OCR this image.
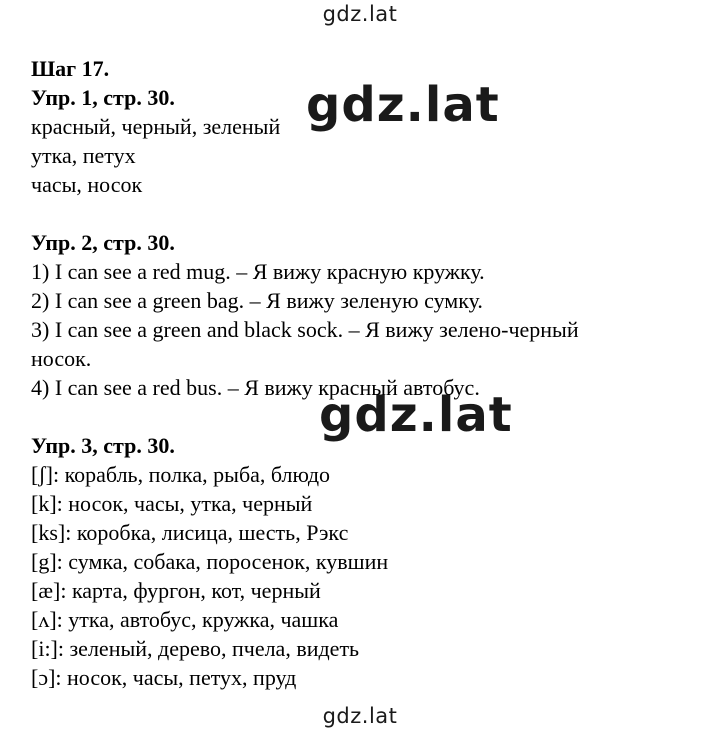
gdz.lat
gdz.lat
gdz.lat
gdz.lat
Шаг 17.
Упр. 1, стр. 30.
красный, черный, зеленый
утка, петух
часы, носок
Упр. 2, стр. 30.
1) I can see a red mug. – Я вижу красную кружку.
2) I can see a green bag. – Я вижу зеленую сумку.
3) I can see a green and black sock. – Я вижу зелено-черный
носок.
4) I can see a red bus. – Я вижу красный автобус.
Упр. 3, стр. 30.
[ʃ]: корабль, полка, рыба, блюдо
[k]: носок, часы, утка, черный
[ks]: коробка, лисица, шесть, Рэкс
[g]: сумка, собака, поросенок, кувшин
[æ]: карта, фургон, кот, черный
[ʌ]: утка, автобус, кружка, чашка
[i:]: зеленый, дерево, пчела, видеть
[ɔ]: носок, часы, петух, пруд
